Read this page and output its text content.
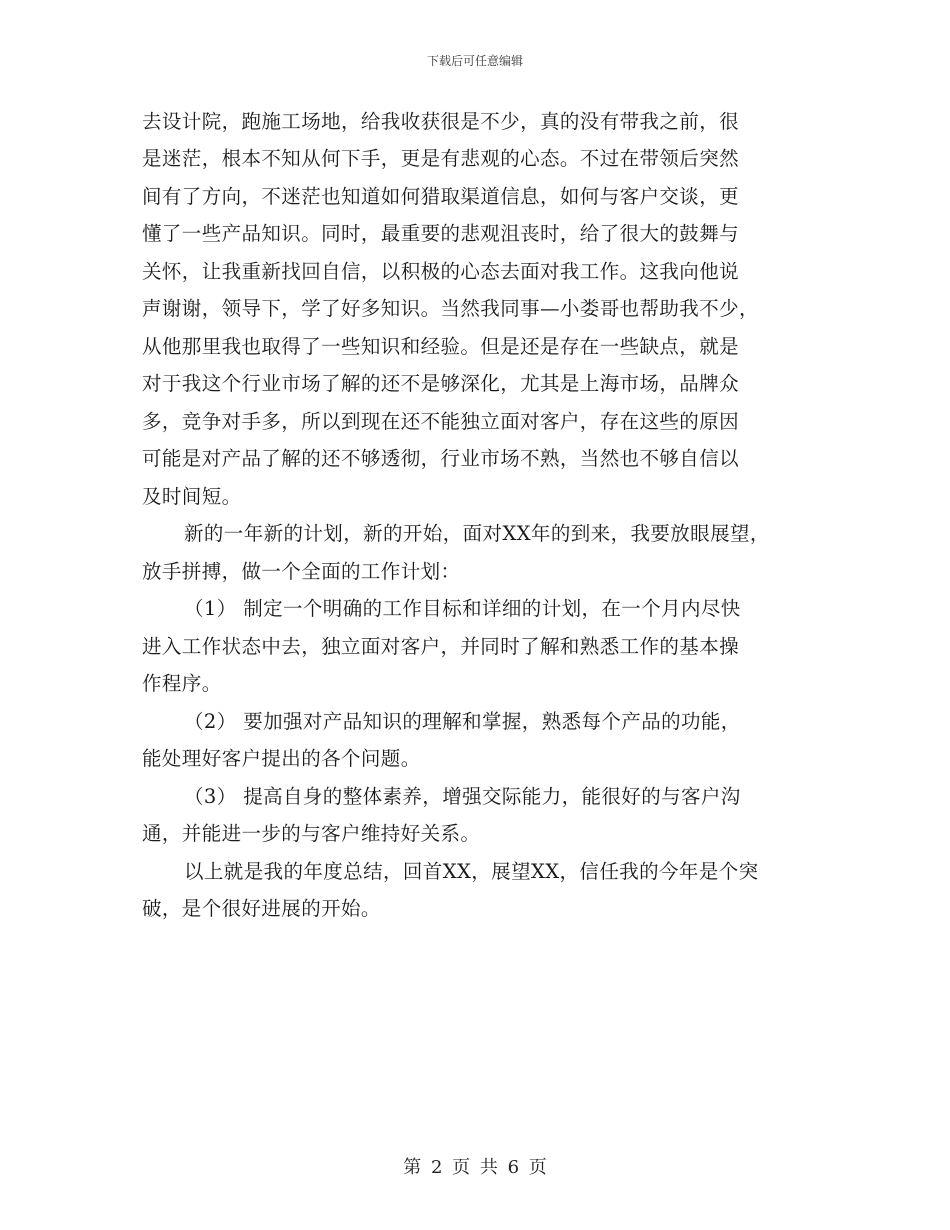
下载后可任意编辑
去设计院，跑施工场地，给我收获很是不少，真的没有带我之前，很
是迷茫，根本不知从何下手，更是有悲观的心态。不过在带领后突然
间有了方向，不迷茫也知道如何猎取渠道信息，如何与客户交谈，更
懂了一些产品知识。同时，最重要的悲观沮丧时，给了很大的鼓舞与
关怀，让我重新找回自信，以积极的心态去面对我工作。这我向他说
声谢谢，领导下，学了好多知识。当然我同事—小娄哥也帮助我不少，
从他那里我也取得了一些知识和经验。但是还是存在一些缺点，就是
对于我这个行业市场了解的还不是够深化，尤其是上海市场，品牌众
多，竞争对手多，所以到现在还不能独立面对客户，存在这些的原因
可能是对产品了解的还不够透彻，行业市场不熟，当然也不够自信以
及时间短。
新的一年新的计划，新的开始，面对XX年的到来，我要放眼展望，
放手拼搏，做一个全面的工作计划：
（1） 制定一个明确的工作目标和详细的计划，在一个月内尽快
进入工作状态中去，独立面对客户，并同时了解和熟悉工作的基本操
作程序。
（2） 要加强对产品知识的理解和掌握，熟悉每个产品的功能，
能处理好客户提出的各个问题。
（3） 提高自身的整体素养，增强交际能力，能很好的与客户沟
通，并能进一步的与客户维持好关系。
以上就是我的年度总结，回首XX，展望XX，信任我的今年是个突
破，是个很好进展的开始。
第 2 页 共 6 页
